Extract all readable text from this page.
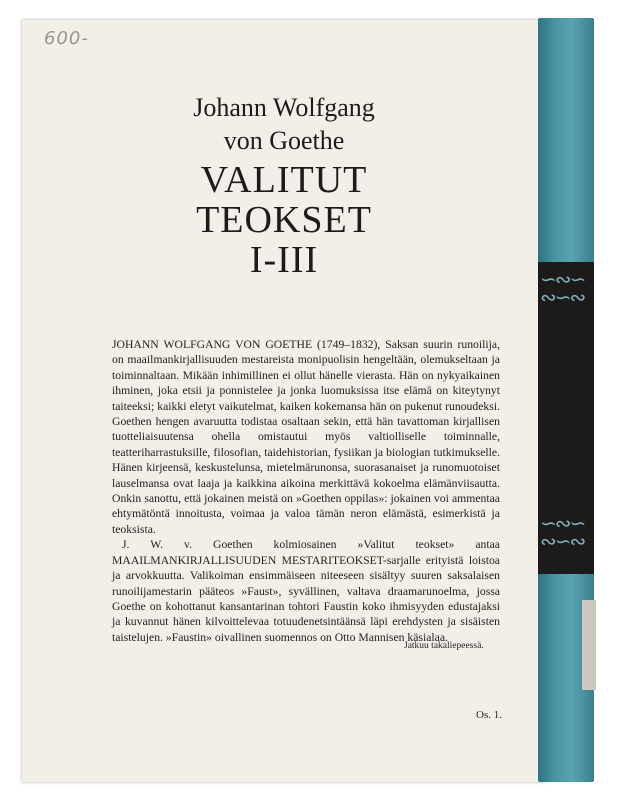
∽∾∽
∾∽∾
∽∾∽
∾∽∾
600-
Johann Wolfgang
von Goethe
VALITUT
TEOKSET
I-III

JOHANN WOLFGANG VON GOETHE (1749–1832), Saksan suurin runoilija, on maailmankirjallisuuden mestareista monipuolisin hengeltään, olemukseltaan ja toiminnaltaan. Mikään inhimillinen ei ollut hänelle vierasta. Hän on nykyaikainen ihminen, joka etsii ja ponnistelee ja jonka luomuksissa itse elämä on kiteytynyt taiteeksi; kaikki eletyt vaikutelmat, kaiken kokemansa hän on pukenut runoudeksi. Goethen hengen avaruutta todistaa osaltaan sekin, että hän tavattoman kirjallisen tuotteliaisuutensa ohella omistautui myös valtiolliselle toiminnalle, teatteriharrastuksille, filosofian, taidehistorian, fysiikan ja biologian tutkimukselle. Hänen kirjeensä, keskustelunsa, mietelmärunonsa, suorasanaiset ja runomuotoiset lauselmansa ovat laaja ja kaikkina aikoina merkittävä kokoelma elämänviisautta. Onkin sanottu, että jokainen meistä on »Goethen oppilas»: jokainen voi ammentaa ehtymätöntä innoitusta, voimaa ja valoa tämän neron elämästä, esimerkistä ja teoksista.

J. W. v. Goethen kolmiosainen »Valitut teokset» antaa MAAILMANKIRJALLISUUDEN MESTARITEOKSET-sarjalle erityistä loistoa ja arvokkuutta. Valikoiman ensimmäiseen niteeseen sisältyy suuren saksalaisen runoilijamestarin pääteos »Faust», syvällinen, valtava draamarunoelma, jossa Goethe on kohottanut kansantarinan tohtori Faustin koko ihmisyyden edustajaksi ja kuvannut hänen kilvoittelevaa totuudenetsintäänsä läpi erehdysten ja sisäisten taistelujen. »Faustin» oivallinen suomennos on Otto Mannisen käsialaa.

Jatkuu takaliepeessä.
Os. 1.
